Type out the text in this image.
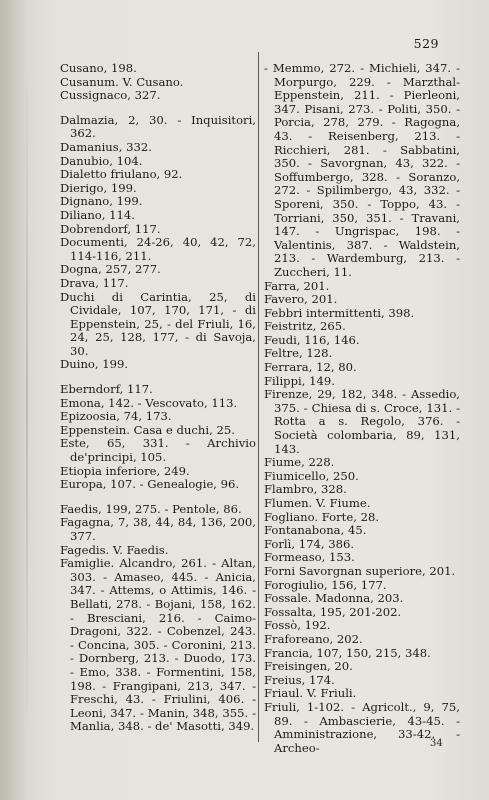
529
Cusano, 198.
Cusanum. V. Cusano.
Cussignaco, 327.
Dalmazia, 2, 30. - Inquisitori, 362.
Damanius, 332.
Danubio, 104.
Dialetto friulano, 92.
Dierigo, 199.
Dignano, 199.
Diliano, 114.
Dobrendorf, 117.
Documenti, 24-26, 40, 42, 72, 114-116, 211.
Dogna, 257, 277.
Drava, 117.
Duchi di Carintia, 25, di Cividale, 107, 170, 171, - di Eppenstein, 25, - del Friuli, 16, 24, 25, 128, 177, - di Savoja, 30.
Duino, 199.
Eberndorf, 117.
Emona, 142. - Vescovato, 113.
Epizoosia, 74, 173.
Eppenstein. Casa e duchi, 25.
Este, 65, 331. - Archivio de'principi, 105.
Etiopia inferiore, 249.
Europa, 107. - Genealogie, 96.
Faedis, 199, 275. - Pentole, 86.
Fagagna, 7, 38, 44, 84, 136, 200, 377.
Fagedis. V. Faedis.
Famiglie. Alcandro, 261. - Altan, 303. - Amaseo, 445. - Anicia, 347. - Attems, o Attimis, 146. - Bellati, 278. - Bojani, 158, 162. - Bresciani, 216. - Caimo-Dragoni, 322. - Cobenzel, 243. - Concina, 305. - Coronini, 213. - Dornberg, 213. - Duodo, 173. - Emo, 338. - Formentini, 158, 198. - Frangipani, 213, 347. - Freschi, 43. - Friulini, 406. - Leoni, 347. - Manin, 348, 355. - Manlia, 348. - de' Masotti, 349.
- Memmo, 272. - Michieli, 347. - Morpurgo, 229. - Marzthal-Eppenstein, 211. - Pierleoni, 347. Pisani, 273. - Politi, 350. - Porcia, 278, 279. - Ragogna, 43. - Reisenberg, 213. - Ricchieri, 281. - Sabbatini, 350. - Savorgnan, 43, 322. - Soffumbergo, 328. - Soranzo, 272. - Spilimbergo, 43, 332. - Sporeni, 350. - Toppo, 43. - Torriani, 350, 351. - Travani, 147. - Ungrispac, 198. - Valentinis, 387. - Waldstein, 213. - Wardemburg, 213. - Zuccheri, 11.
Farra, 201.
Favero, 201.
Febbri intermittenti, 398.
Feistritz, 265.
Feudi, 116, 146.
Feltre, 128.
Ferrara, 12, 80.
Filippi, 149.
Firenze, 29, 182, 348. - Assedio, 375. - Chiesa di s. Croce, 131. - Rotta a s. Regolo, 376. - Società colombaria, 89, 131, 143.
Fiume, 228.
Fiumicello, 250.
Flambro, 328.
Flumen. V. Fiume.
Fogliano. Forte, 28.
Fontanabona, 45.
Forlì, 174, 386.
Formeaso, 153.
Forni Savorgnan superiore, 201.
Forogiulio, 156, 177.
Fossale. Madonna, 203.
Fossalta, 195, 201-202.
Fossò, 192.
Fraforeano, 202.
Francia, 107, 150, 215, 348.
Freisingen, 20.
Freius, 174.
Friaul. V. Friuli.
Friuli, 1-102. - Agricolt., 9, 75, 89. - Ambascierie, 43-45. - Amministrazione, 33-42. - Archeo-	34
